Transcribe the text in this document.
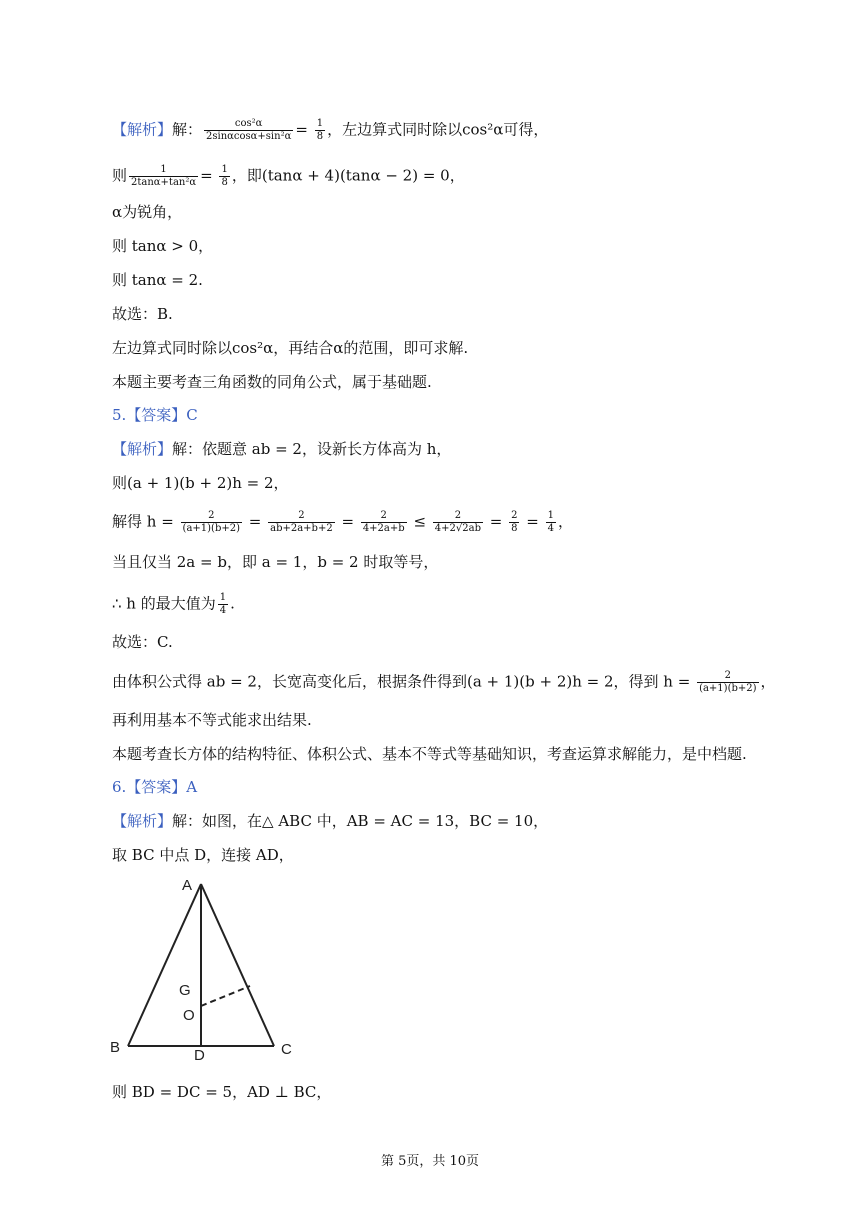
【解析】解： $\frac{\text{cos²α}}{\text{2sinαcosα+sin²α}} = \frac{1}{8}$ ，左边算式同时除以cos²α可得，
则 $\frac{1}{\text{2tanα+tan²α}} = \frac{1}{8}$ ，即(tanα + 4)(tanα − 2) = 0，
α为锐角，
则 tanα > 0，
则 tanα = 2.
故选：B.
左边算式同时除以cos²α，再结合α的范围，即可求解.
本题主要考查三角函数的同角公式，属于基础题.
5.【答案】C
【解析】解：依题意 ab = 2，设新长方体高为 h，
则(a + 1)(b + 2)h = 2，
解得 $h = \frac{2}{(a+1)(b+2)} = \frac{2}{ab+2a+b+2} = \frac{2}{4+2a+b} \le \frac{2}{4+2√2ab} = \frac{2}{8} = \frac{1}{4}$ ，
当且仅当 2a = b，即 a = 1，b = 2 时取等号，
∴ h 的最大值为 $\frac{1}{4}$ .
故选：C.
由体积公式得 ab = 2，长宽高变化后，根据条件得到(a + 1)(b + 2)h = 2，得到 $h = \frac{2}{(a+1)(b+2)}$ ，
再利用基本不等式能求出结果.
本题考查长方体的结构特征、体积公式、基本不等式等基础知识，考查运算求解能力，是中档题.
6.【答案】A
【解析】解：如图，在△ ABC 中，AB = AC = 13，BC = 10，
取 BC 中点 D，连接 AD，
A
B	C
D
G
O
则 BD = DC = 5，AD ⊥ BC，
第 5页，共 10页
